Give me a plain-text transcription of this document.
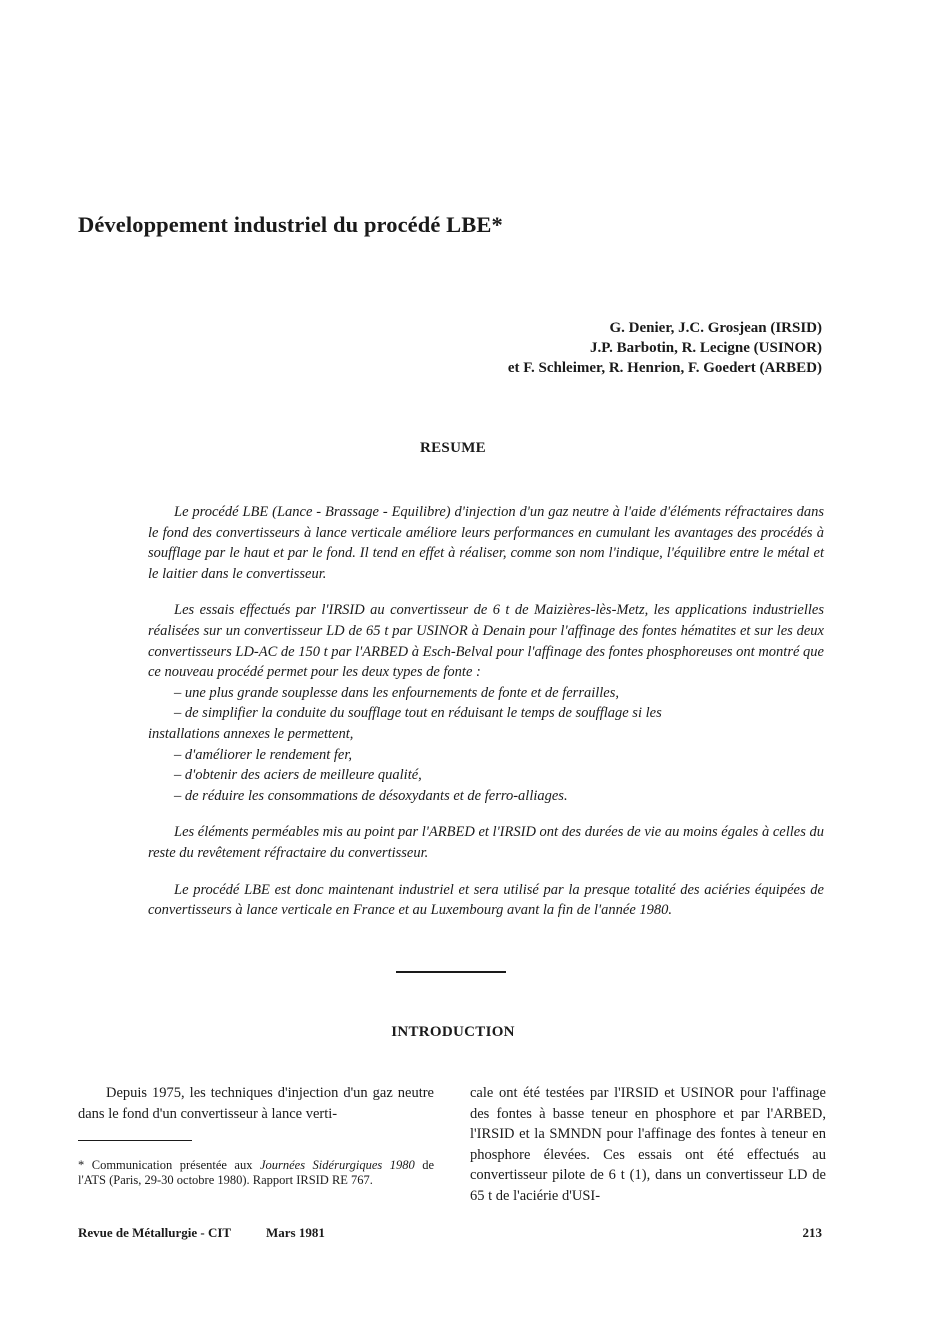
Développement industriel du procédé LBE*
G. Denier, J.C. Grosjean (IRSID)
J.P. Barbotin, R. Lecigne (USINOR)
et F. Schleimer, R. Henrion, F. Goedert (ARBED)
RESUME

Le procédé LBE (Lance - Brassage - Equilibre) d'injection d'un gaz neutre à l'aide d'éléments réfractaires dans le fond des convertisseurs à lance verticale améliore leurs performances en cumulant les avantages des procédés à soufflage par le haut et par le fond. Il tend en effet à réaliser, comme son nom l'indique, l'équilibre entre le métal et le laitier dans le convertisseur.

Les essais effectués par l'IRSID au convertisseur de 6 t de Maizières-lès-Metz, les applications industrielles réalisées sur un convertisseur LD de 65 t par USINOR à Denain pour l'affinage des fontes hématites et sur les deux convertisseurs LD-AC de 150 t par l'ARBED à Esch-Belval pour l'affinage des fontes phosphoreuses ont montré que ce nouveau procédé permet pour les deux types de fonte :

– une plus grande souplesse dans les enfournements de fonte et de ferrailles,

– de simplifier la conduite du soufflage tout en réduisant le temps de soufflage si les

installations annexes le permettent,

– d'améliorer le rendement fer,

– d'obtenir des aciers de meilleure qualité,

– de réduire les consommations de désoxydants et de ferro-alliages.

Les éléments perméables mis au point par l'ARBED et l'IRSID ont des durées de vie au moins égales à celles du reste du revêtement réfractaire du convertisseur.

Le procédé LBE est donc maintenant industriel et sera utilisé par la presque totalité des aciéries équipées de convertisseurs à lance verticale en France et au Luxembourg avant la fin de l'année 1980.

INTRODUCTION

Depuis 1975, les techniques d'injection d'un gaz neutre dans le fond d'un convertisseur à lance verti-

cale ont été testées par l'IRSID et USINOR pour l'affinage des fontes à basse teneur en phosphore et par l'ARBED, l'IRSID et la SMNDN pour l'affinage des fontes à teneur en phosphore élevées. Ces essais ont été effectués au convertisseur pilote de 6 t (1), dans un convertisseur LD de 65 t de l'aciérie d'USI-

* Communication présentée aux Journées Sidérurgiques 1980 de l'ATS (Paris, 29-30 octobre 1980). Rapport IRSID RE 767.
Revue de Métallurgie - CIT	Mars 1981	213
